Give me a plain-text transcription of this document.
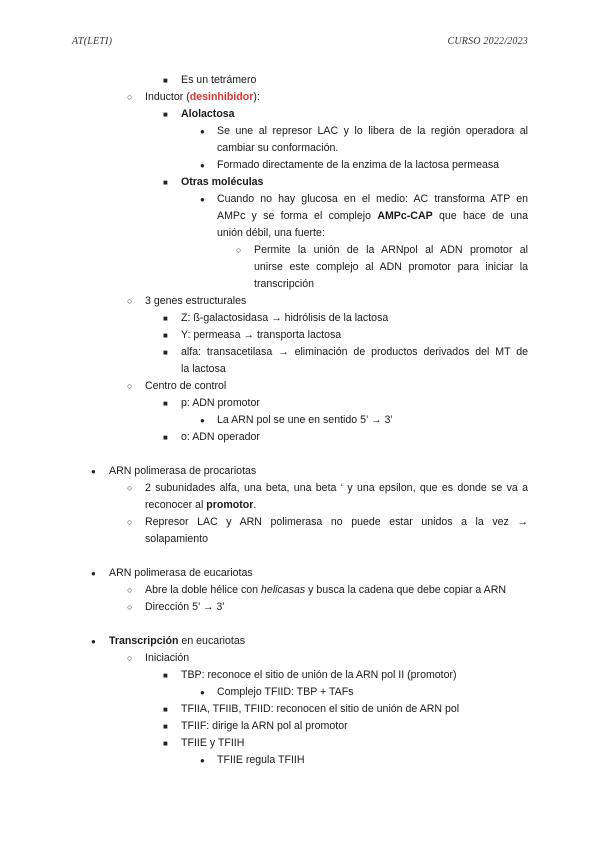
AT(LETI)	CURSO 2022/2023
■ Es un tetrámero
○ Inductor (desinhibidor):
■ Alolactosa
● Se une al represor LAC y lo libera de la región operadora al
cambiar su conformación.
● Formado directamente de la enzima de la lactosa permeasa
■ Otras moléculas
● Cuando no hay glucosa en el medio: AC transforma ATP en
AMPc y se forma el complejo AMPc-CAP que hace de una
unión débil, una fuerte:
○ Permite la unión de la ARNpol al ADN promotor al
unirse este complejo al ADN promotor para iniciar la
transcripción
○ 3 genes estructurales
■ Z: ß-galactosidasa → hidrólisis de la lactosa
■ Y: permeasa → transporta lactosa
■ alfa: transacetilasa → eliminación de productos derivados del MT de
la lactosa
○ Centro de control
■ p: ADN promotor
● La ARN pol se une en sentido 5’ → 3’
■ o: ADN operador
● ARN polimerasa de procariotas
○ 2 subunidades alfa, una beta, una beta ‘ y una epsilon, que es donde se va a
reconocer al promotor.
○ Represor LAC y ARN polimerasa no puede estar unidos a la vez →
solapamiento
● ARN polimerasa de eucariotas
○ Abre la doble hélice con helicasas y busca la cadena que debe copiar a ARN
○ Dirección 5’ → 3’
● Transcripción en eucariotas
○ Iniciación
■ TBP: reconoce el sitio de unión de la ARN pol II (promotor)
● Complejo TFIID: TBP + TAFs
■ TFIIA, TFIIB, TFIID: reconocen el sitio de unión de ARN pol
■ TFIIF: dirige la ARN pol al promotor
■ TFIIE y TFIIH
● TFIIE regula TFIIH
